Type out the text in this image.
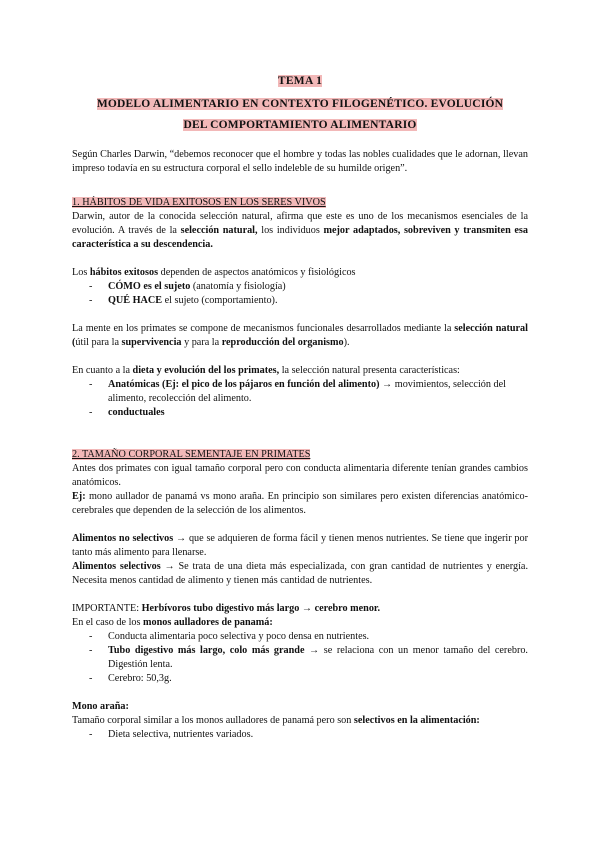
TEMA 1
MODELO ALIMENTARIO EN CONTEXTO FILOGENÉTICO. EVOLUCIÓN
DEL COMPORTAMIENTO ALIMENTARIO

Según Charles Darwin, “debemos reconocer que el hombre y todas las nobles cualidades que le adornan, llevan impreso todavía en su estructura corporal el sello indeleble de su humilde origen”.

1. HÁBITOS DE VIDA EXITOSOS EN LOS SERES VIVOS

Darwin, autor de la conocida selección natural, afirma que este es uno de los mecanismos esenciales de la evolución. A través de la selección natural, los individuos mejor adaptados, sobreviven y transmiten esa característica a su descendencia.

Los hábitos exitosos dependen de aspectos anatómicos y fisiológicos

- CÓMO es el sujeto (anatomía y fisiología)
- QUÉ HACE el sujeto (comportamiento).

La mente en los primates se compone de mecanismos funcionales desarrollados mediante la selección natural (útil para la supervivencia y para la reproducción del organismo).

En cuanto a la dieta y evolución del los primates, la selección natural presenta características:

- Anatómicas (Ej: el pico de los pájaros en función del alimento) → movimientos, selección del alimento, recolección del alimento.
- conductuales
2. TAMAÑO CORPORAL SEMENTAJE EN PRIMATES

Antes dos primates con igual tamaño corporal pero con conducta alimentaria diferente tenían grandes cambios anatómicos.

Ej: mono aullador de panamá vs mono araña. En principio son similares pero existen diferencias anatómico-cerebrales que dependen de la selección de los alimentos.

Alimentos no selectivos → que se adquieren de forma fácil y tienen menos nutrientes. Se tiene que ingerir por tanto más alimento para llenarse.

Alimentos selectivos → Se trata de una dieta más especializada, con gran cantidad de nutrientes y energía. Necesita menos cantidad de alimento y tienen más cantidad de nutrientes.

IMPORTANTE: Herbívoros tubo digestivo más largo → cerebro menor.

En el caso de los monos aulladores de panamá:

- Conducta alimentaria poco selectiva y poco densa en nutrientes.
- Tubo digestivo más largo, colo más grande → se relaciona con un menor tamaño del cerebro. Digestión lenta.
- Cerebro: 50,3g.

Mono araña:

Tamaño corporal similar a los monos aulladores de panamá pero son selectivos en la alimentación:

- Dieta selectiva, nutrientes variados.
